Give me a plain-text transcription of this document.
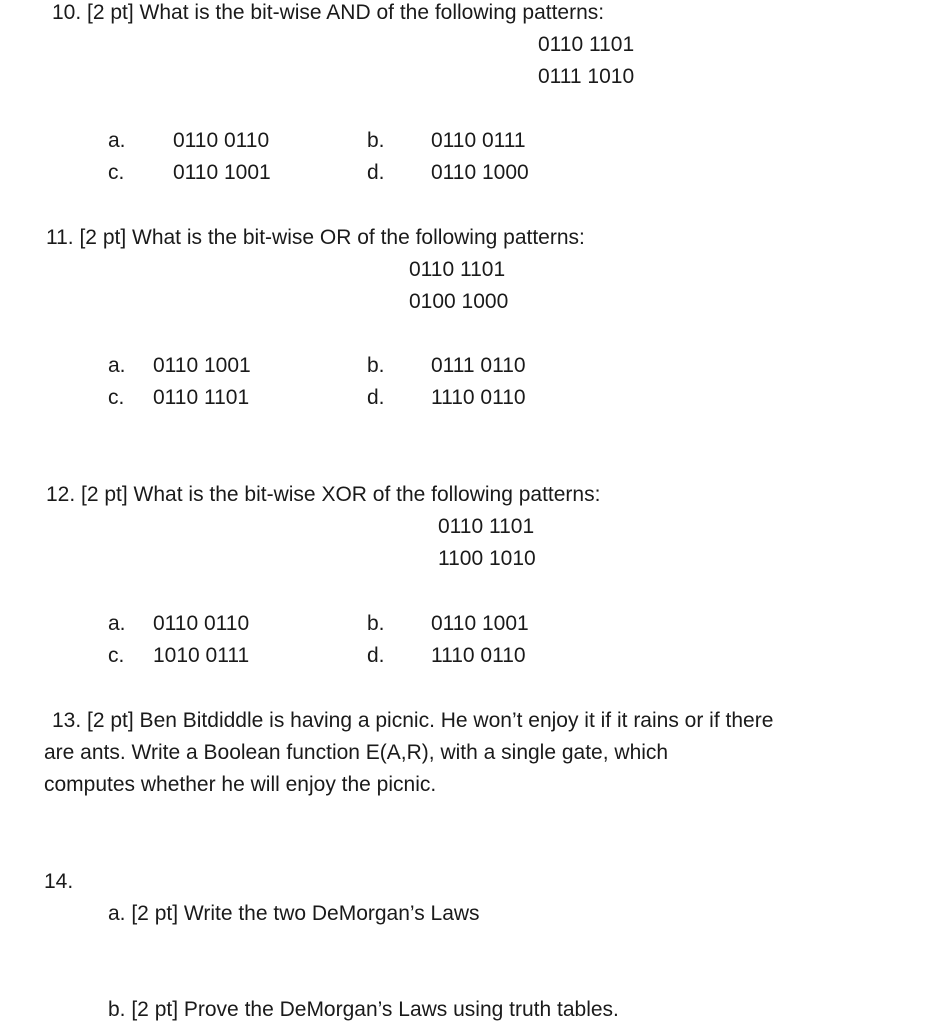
10. [2 pt] What is the bit-wise AND of the following patterns:
0110 1101
0111 1010
a. 0110 0110	b. 0110 0111
c. 0110 1001	d. 0110 1000
11. [2 pt] What is the bit-wise OR of the following patterns:
0110 1101
0100 1000
a. 0110 1001	b. 0111 0110
c. 0110 1101	d. 1110 0110
12. [2 pt] What is the bit-wise XOR of the following patterns:
0110 1101
1100 1010
a. 0110 0110	b. 0110 1001
c. 1010 0111	d. 1110 0110
13. [2 pt] Ben Bitdiddle is having a picnic. He won’t enjoy it if it rains or if there
are ants. Write a Boolean function E(A,R), with a single gate, which
computes whether he will enjoy the picnic.
14.
a. [2 pt] Write the two DeMorgan’s Laws
b. [2 pt] Prove the DeMorgan’s Laws using truth tables.
